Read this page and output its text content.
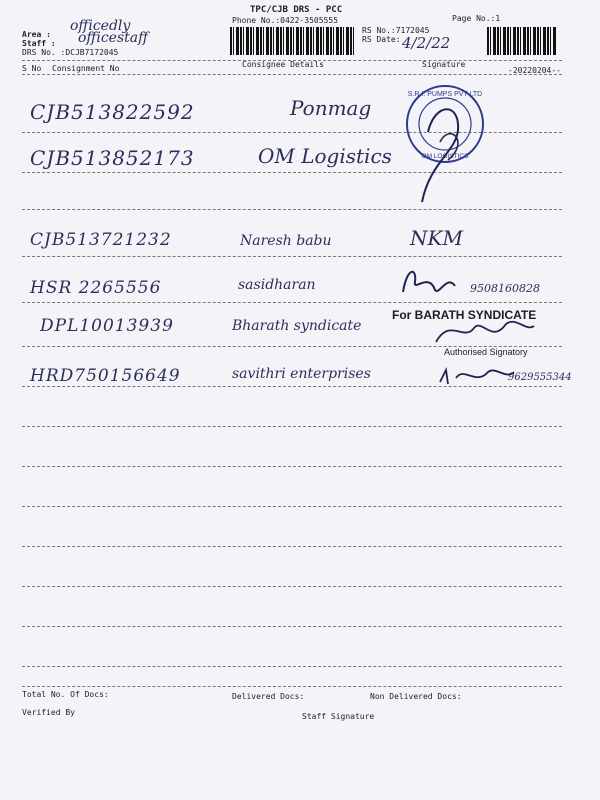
TPC/CJB DRS - PCC
Phone No.:0422-3505555	Page No.:1
RS No.:7172045
RS Date: 4/2/22
Area :
officedly
Staff : officestaff
DRS No. :DCJB7172045
S No Consignment No	Consignee Details	Signature
-20220204--
CJB513822592	Ponmag
CJB513852173	OM Logistics
CJB513721232	Naresh babu	NKM
HSR 2265556	sasidharan	9508160828
DPL10013939	Bharath syndicate
HRD750156649	savithri enterprises	9629555344
S.R.I. PUMPS PVT LTD
OM LOGISTICS
For BARATH SYNDICATE
Authorised Signatory
Total No. Of Docs:	Delivered Docs:	Non Delivered Docs:
Verified By	Staff Signature
